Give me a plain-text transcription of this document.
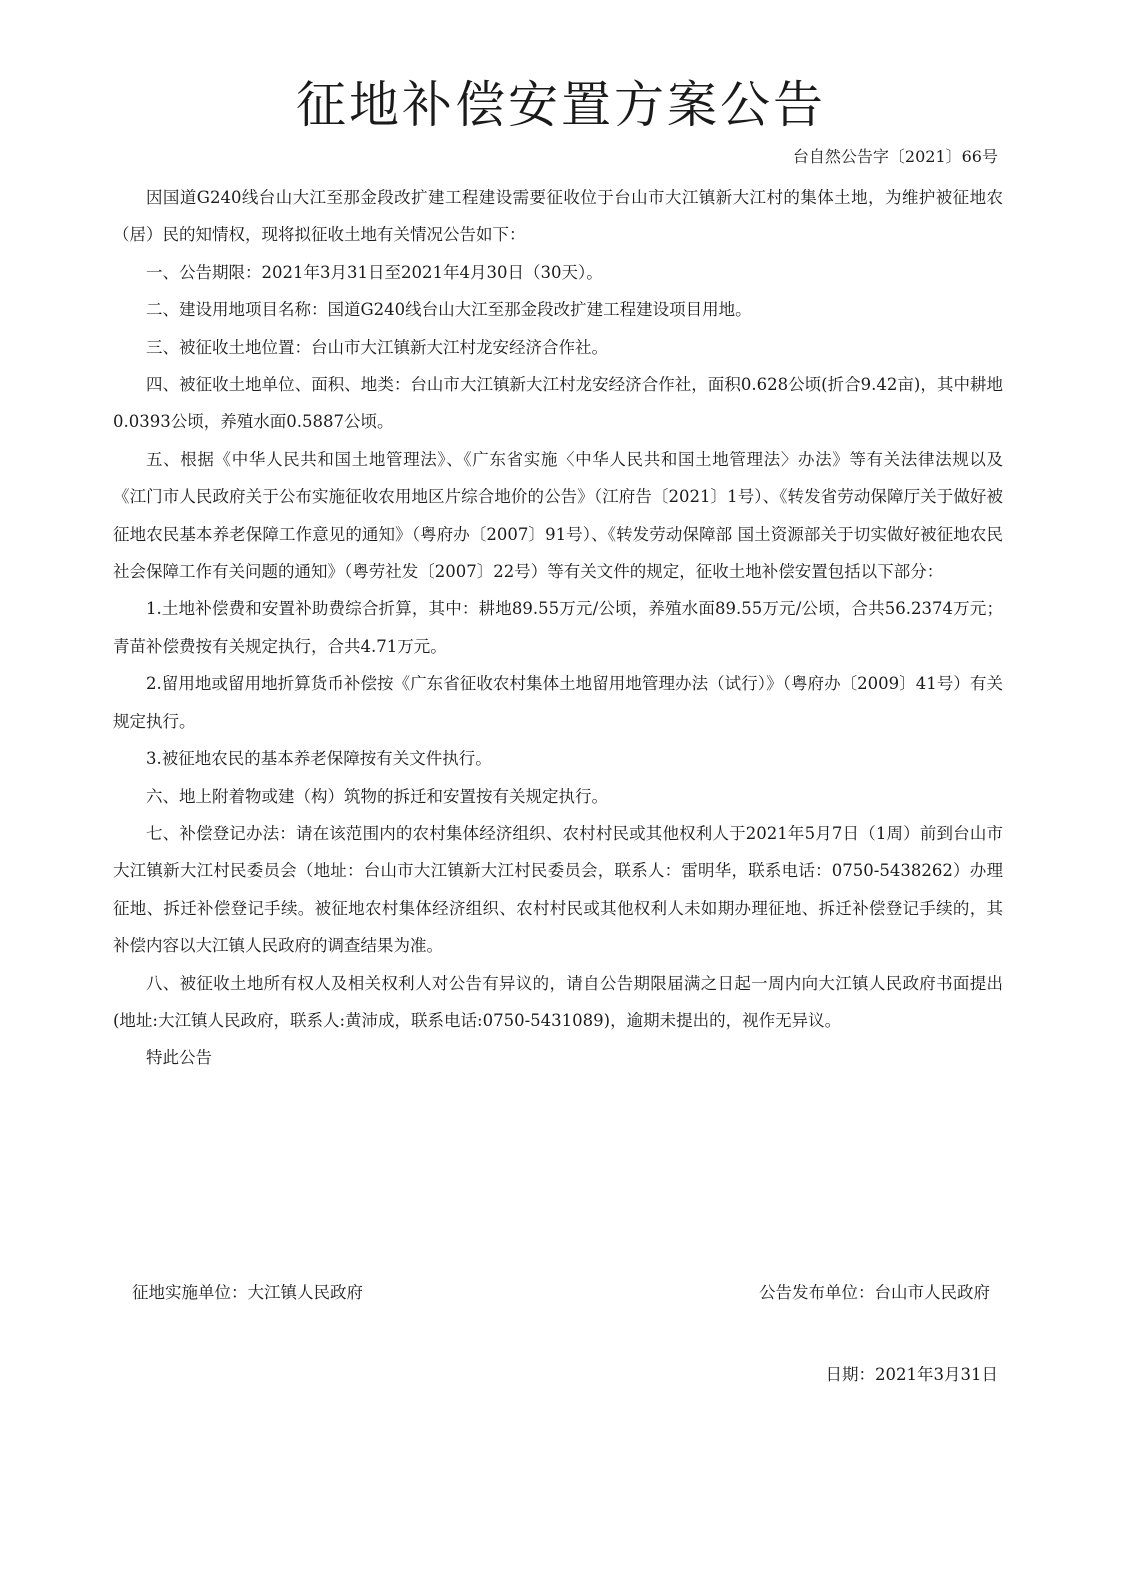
征地补偿安置方案公告
台自然公告字〔2021〕66号

因国道G240线台山大江至那金段改扩建工程建设需要征收位于台山市大江镇新大江村的集体土地，为维护被征地农（居）民的知情权，现将拟征收土地有关情况公告如下：

一、公告期限：2021年3月31日至2021年4月30日（30天）。

二、建设用地项目名称：国道G240线台山大江至那金段改扩建工程建设项目用地。

三、被征收土地位置：台山市大江镇新大江村龙安经济合作社。

四、被征收土地单位、面积、地类：台山市大江镇新大江村龙安经济合作社，面积0.628公顷(折合9.42亩)，其中耕地0.0393公顷，养殖水面0.5887公顷。

五、根据《中华人民共和国土地管理法》、《广东省实施〈中华人民共和国土地管理法〉办法》等有关法律法规以及《江门市人民政府关于公布实施征收农用地区片综合地价的公告》（江府告〔2021〕1号）、《转发省劳动保障厅关于做好被征地农民基本养老保障工作意见的通知》（粤府办〔2007〕91号）、《转发劳动保障部 国土资源部关于切实做好被征地农民社会保障工作有关问题的通知》（粤劳社发〔2007〕22号）等有关文件的规定，征收土地补偿安置包括以下部分：

1.土地补偿费和安置补助费综合折算，其中：耕地89.55万元/公顷，养殖水面89.55万元/公顷，合共56.2374万元；青苗补偿费按有关规定执行，合共4.71万元。

2.留用地或留用地折算货币补偿按《广东省征收农村集体土地留用地管理办法（试行）》（粤府办〔2009〕41号）有关规定执行。

3.被征地农民的基本养老保障按有关文件执行。

六、地上附着物或建（构）筑物的拆迁和安置按有关规定执行。

七、补偿登记办法：请在该范围内的农村集体经济组织、农村村民或其他权利人于2021年5月7日（1周）前到台山市大江镇新大江村民委员会（地址：台山市大江镇新大江村民委员会，联系人：雷明华，联系电话：0750-5438262）办理征地、拆迁补偿登记手续。被征地农村集体经济组织、农村村民或其他权利人未如期办理征地、拆迁补偿登记手续的，其补偿内容以大江镇人民政府的调查结果为准。

八、被征收土地所有权人及相关权利人对公告有异议的，请自公告期限届满之日起一周内向大江镇人民政府书面提出(地址:大江镇人民政府，联系人:黄沛成，联系电话:0750-5431089)，逾期未提出的，视作无异议。

特此公告

征地实施单位：大江镇人民政府	公告发布单位：台山市人民政府
日期：2021年3月31日
